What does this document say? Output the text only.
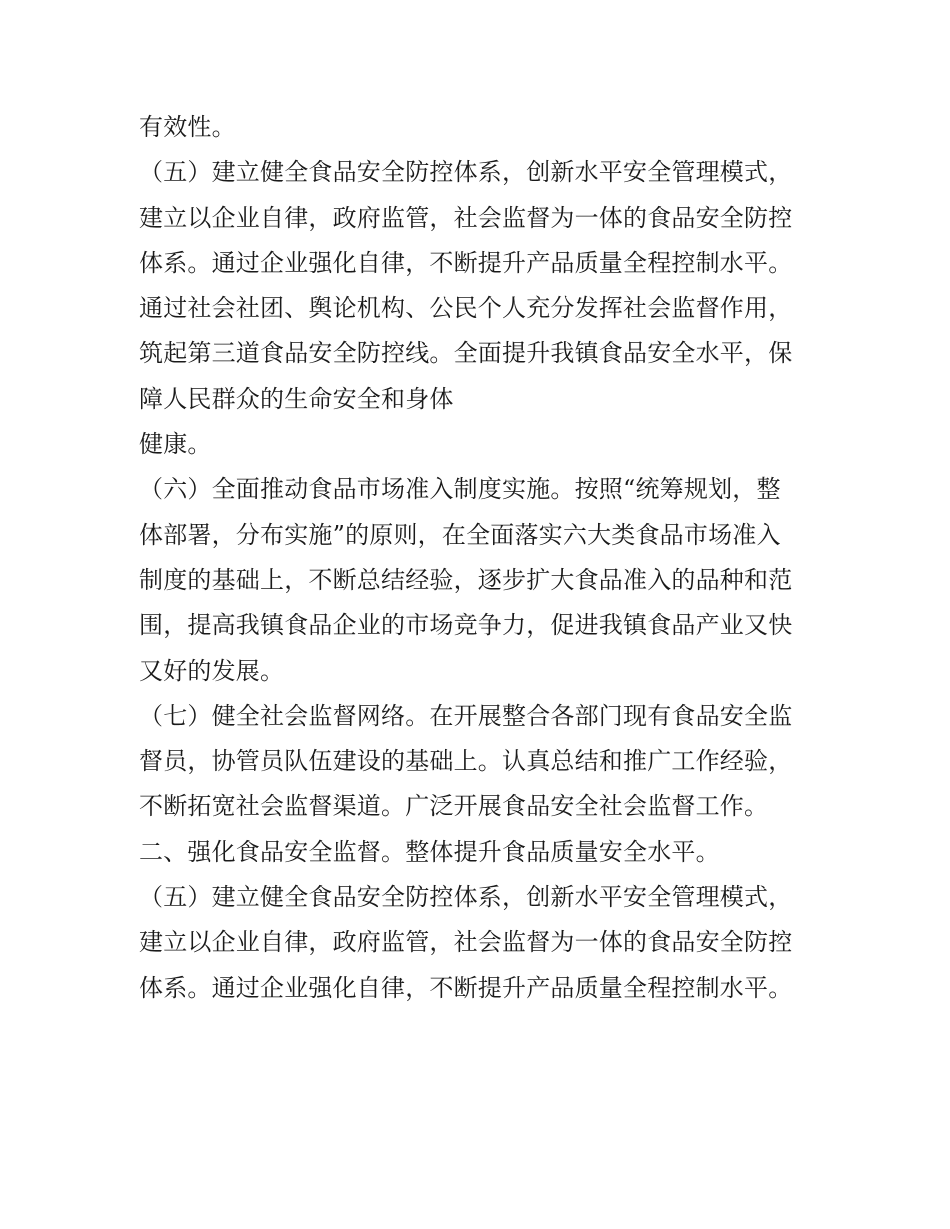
有效性。
（五）建立健全食品安全防控体系，创新水平安全管理模式，
建立以企业自律，政府监管，社会监督为一体的食品安全防控
体系。通过企业强化自律，不断提升产品质量全程控制水平。
通过社会社团、舆论机构、公民个人充分发挥社会监督作用，
筑起第三道食品安全防控线。全面提升我镇食品安全水平，保
障人民群众的生命安全和身体
健康。
（六）全面推动食品市场准入制度实施。按照“统筹规划，整
体部署，分布实施”的原则，在全面落实六大类食品市场准入
制度的基础上，不断总结经验，逐步扩大食品准入的品种和范
围，提高我镇食品企业的市场竞争力，促进我镇食品产业又快
又好的发展。
（七）健全社会监督网络。在开展整合各部门现有食品安全监
督员，协管员队伍建设的基础上。认真总结和推广工作经验，
不断拓宽社会监督渠道。广泛开展食品安全社会监督工作。
二、强化食品安全监督。整体提升食品质量安全水平。
（五）建立健全食品安全防控体系，创新水平安全管理模式，
建立以企业自律，政府监管，社会监督为一体的食品安全防控
体系。通过企业强化自律，不断提升产品质量全程控制水平。
